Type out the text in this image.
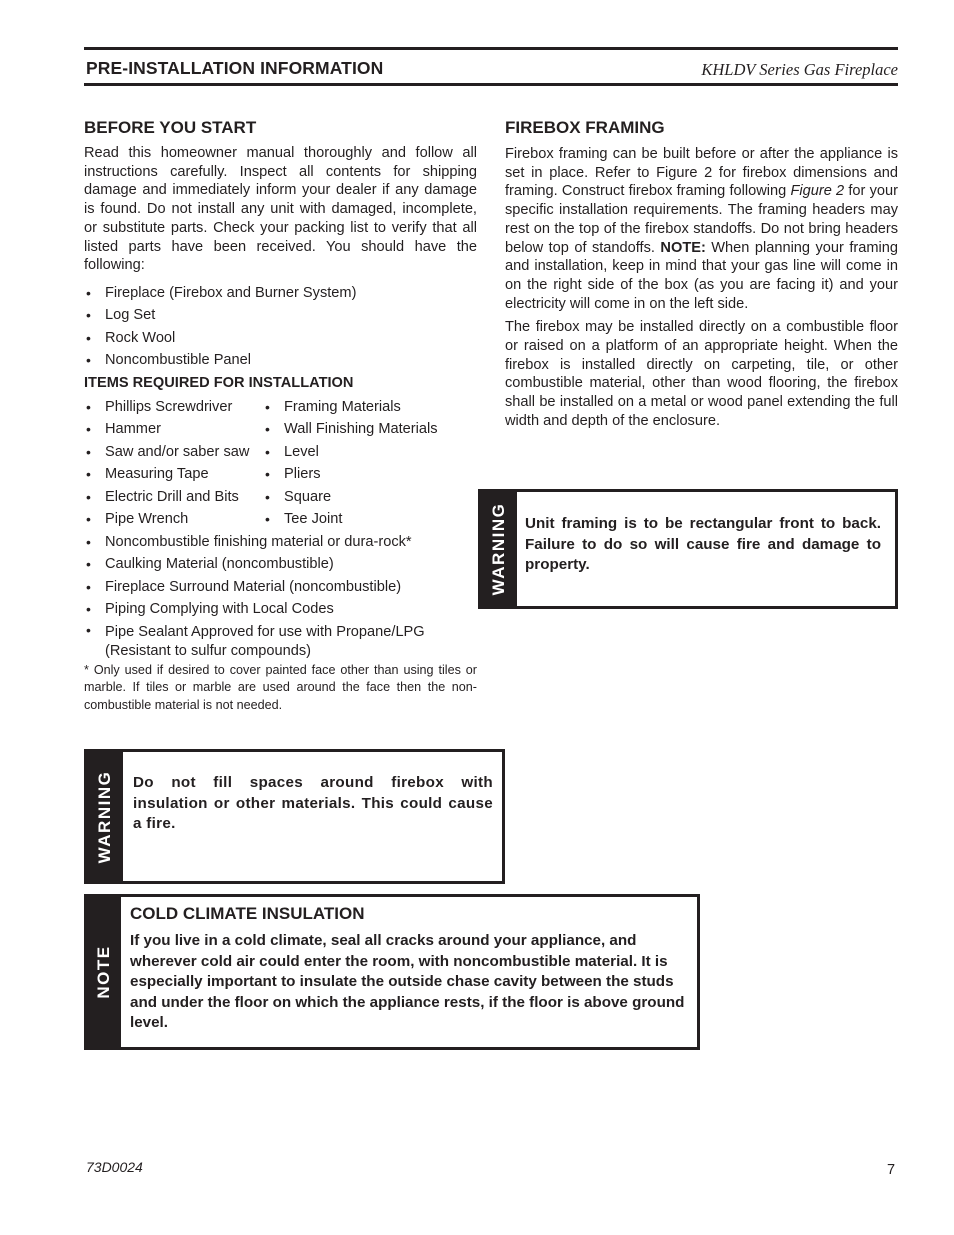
PRE-INSTALLATION INFORMATION	KHLDV Series Gas Fireplace
BEFORE YOU START

Read this homeowner manual thoroughly and follow all instructions carefully. Inspect all contents for shipping damage and immediately inform your dealer if any damage is found. Do not install any unit with damaged, incomplete, or substitute parts. Check your packing list to verify that all listed parts have been received. You should have the following:

• Fireplace (Firebox and Burner System)
• Log Set
• Rock Wool
• Noncombustible Panel

ITEMS REQUIRED FOR INSTALLATION

• Phillips Screwdriver	• Framing Materials
• Hammer	• Wall Finishing Materials
• Saw and/or saber saw	• Level
• Measuring Tape	• Pliers
• Electric Drill and Bits	• Square
• Pipe Wrench	• Tee Joint
• Noncombustible finishing material or dura-rock*
• Caulking Material (noncombustible)
• Fireplace Surround Material (noncombustible)
• Piping Complying with Local Codes
• Pipe Sealant Approved for use with Propane/LPG (Resistant to sulfur compounds)

* Only used if desired to cover painted face other than using tiles or marble. If tiles or marble are used around the face then the non-combustible material is not needed.

FIREBOX FRAMING

Firebox framing can be built before or after the appliance is set in place. Refer to Figure 2 for firebox dimensions and framing. Construct firebox framing following Figure 2 for your specific installation requirements. The framing headers may rest on the top of the firebox standoffs. Do not bring headers below top of standoffs. NOTE: When planning your framing and installation, keep in mind that your gas line will come in on the right side of the box (as you are facing it) and your electricity will come in on the left side.

The firebox may be installed directly on a combustible floor or raised on a platform of an appropriate height. When the firebox is installed directly on carpeting, tile, or other combustible material, other than wood flooring, the firebox shall be installed on a metal or wood panel extending the full width and depth of the enclosure.

WARNING Unit framing is to be rectangular front to back. Failure to do so will cause fire and damage to property.
WARNING Do not fill spaces around firebox with insulation or other materials. This could cause a fire.
NOTE
COLD CLIMATE INSULATION
If you live in a cold climate, seal all cracks around your appliance, and wherever cold air could enter the room, with noncombustible material. It is especially important to insulate the outside chase cavity between the studs and under the floor on which the appliance rests, if the floor is above ground level.
73D0024	7
